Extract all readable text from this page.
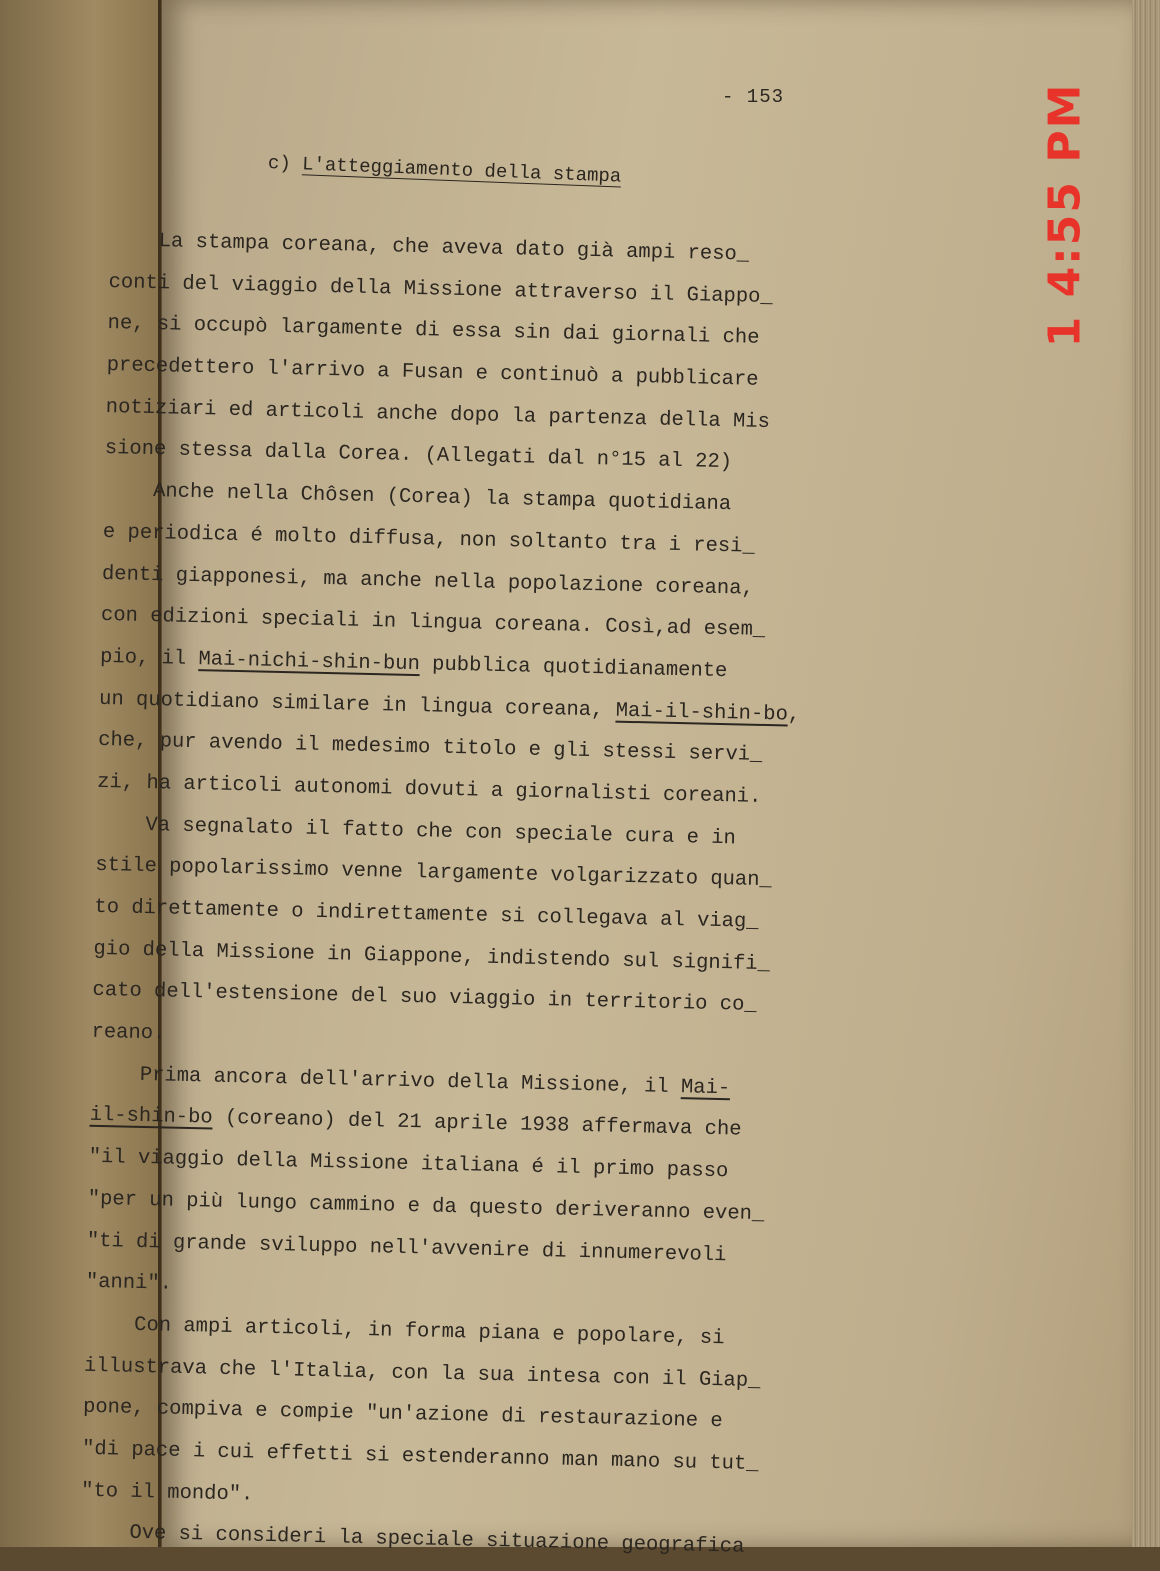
- 153
c) L'atteggiamento della stampa
La stampa coreana, che aveva dato già ampi reso_
conti del viaggio della Missione attraverso il Giappo_
ne, si occupò largamente di essa sin dai giornali che
precedettero l'arrivo a Fusan e continuò a pubblicare
notiziari ed articoli anche dopo la partenza della Mis
sione stessa dalla Corea. (Allegati dal n°15 al 22)
Anche nella Chôsen (Corea) la stampa quotidiana
e periodica é molto diffusa, non soltanto tra i resi_
denti giapponesi, ma anche nella popolazione coreana,
con edizioni speciali in lingua coreana. Così,ad esem_
pio, il Mai-nichi-shin-bun pubblica quotidianamente
un quotidiano similare in lingua coreana, Mai-il-shin-bo,
che, pur avendo il medesimo titolo e gli stessi servi_
zi, ha articoli autonomi dovuti a giornalisti coreani.
Va segnalato il fatto che con speciale cura e in
stile popolarissimo venne largamente volgarizzato quan_
to direttamente o indirettamente si collegava al viag_
gio della Missione in Giappone, indistendo sul signifi_
cato dell'estensione del suo viaggio in territorio co_
reano.
Prima ancora dell'arrivo della Missione, il Mai-
il-shin-bo (coreano) del 21 aprile 1938 affermava che
"il viaggio della Missione italiana é il primo passo
"per un più lungo cammino e da questo deriveranno even_
"ti di grande sviluppo nell'avvenire di innumerevoli
"anni".
Con ampi articoli, in forma piana e popolare, si
illustrava che l'Italia, con la sua intesa con il Giap_
pone, compiva e compie "un'azione di restaurazione e
"di pace i cui effetti si estenderanno man mano su tut_
"to il mondo".
Ove si consideri la speciale situazione geografica
1 4:55 PM
